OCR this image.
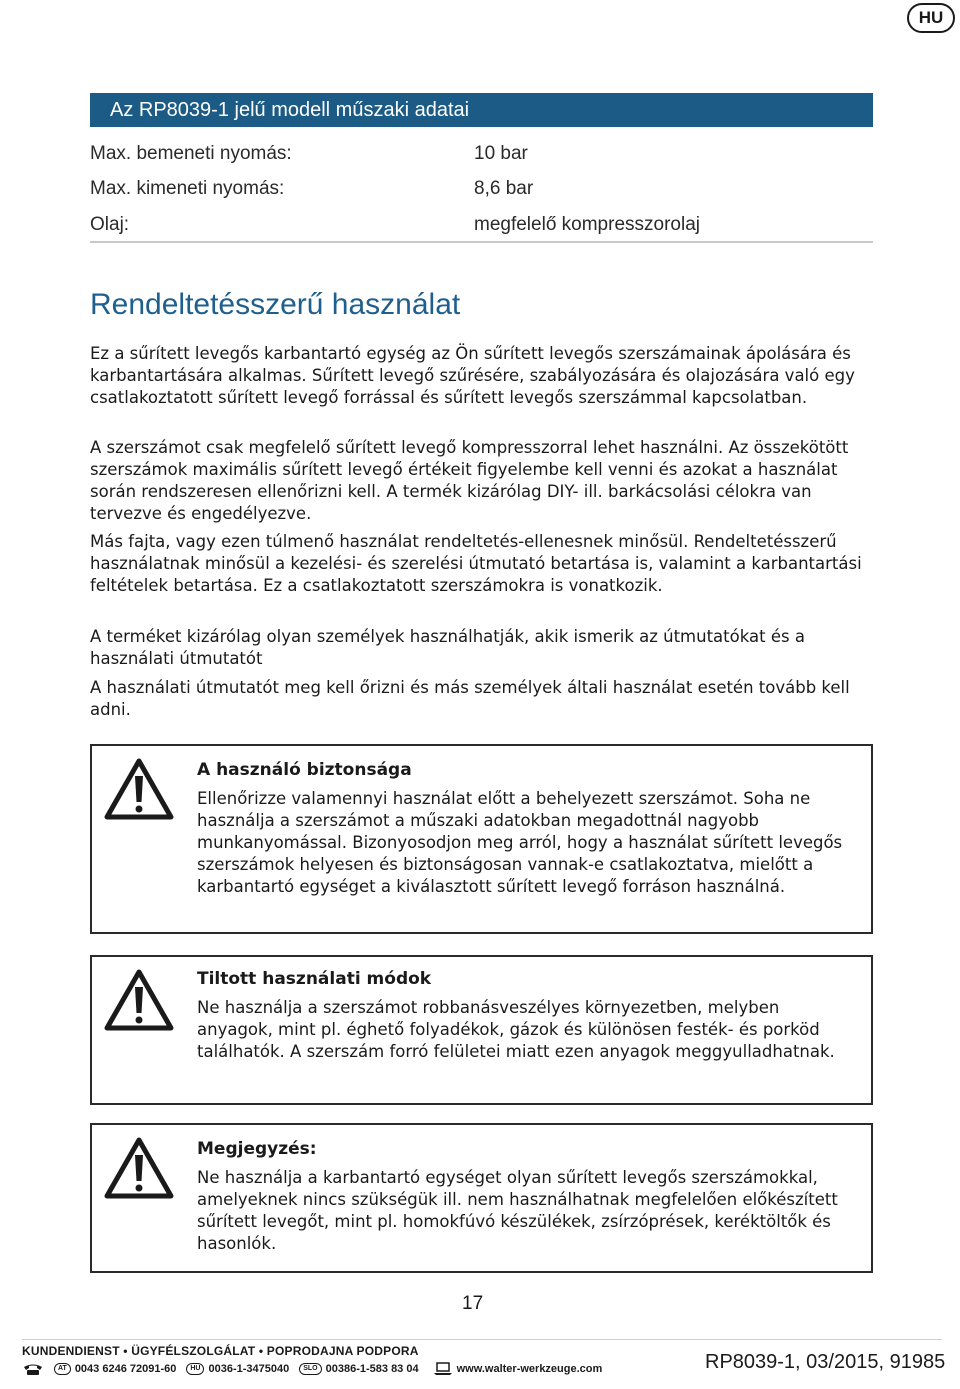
HU
Az RP8039-1 jelű modell műszaki adatai
Max. bemeneti nyomás:	10 bar
Max. kimeneti nyomás:	8,6 bar
Olaj:	megfelelő kompresszorolaj
Rendeltetésszerű használat

Ez a sűrített levegős karbantartó egység az Ön sűrített levegős szerszámainak ápolására és karbantartására alkalmas. Sűrített levegő szűrésére, szabályozására és olajozására való egy csatlakoztatott sűrített levegő forrással és sűrített levegős szerszámmal kapcsolatban.

A szerszámot csak megfelelő sűrített levegő kompresszorral lehet használni. Az összekötött szerszámok maximális sűrített levegő értékeit figyelembe kell venni és azokat a használat során rendszeresen ellenőrizni kell. A termék kizárólag DIY- ill. barkácsolási célokra van tervezve és engedélyezve.

Más fajta, vagy ezen túlmenő használat rendeltetés-ellenesnek minősül. Rendeltetésszerű használatnak minősül a kezelési- és szerelési útmutató betartása is, valamint a karbantartási feltételek betartása. Ez a csatlakoztatott szerszámokra is vonatkozik.

A terméket kizárólag olyan személyek használhatják, akik ismerik az útmutatókat és a használati útmutatót

A használati útmutatót meg kell őrizni és más személyek általi használat esetén tovább kell adni.

A használó biztonsága
Ellenőrizze valamennyi használat előtt a behelyezett szerszámot. Soha ne használja a szerszámot a műszaki adatokban megadottnál nagyobb munkanyomással. Bizonyosodjon meg arról, hogy a használat sűrített levegős szerszámok helyesen és biztonságosan vannak-e csatlakoztatva, mielőtt a karbantartó egységet a kiválasztott sűrített levegő forráson használná.
Tiltott használati módok
Ne használja a szerszámot robbanásveszélyes környezetben, melyben anyagok, mint pl. éghető folyadékok, gázok és különösen festék- és porköd találhatók. A szerszám forró felületei miatt ezen anyagok meggyulladhatnak.
Megjegyzés:
Ne használja a karbantartó egységet olyan sűrített levegős szerszámokkal, amelyeknek nincs szükségük ill. nem használhatnak megfelelően előkészített sűrített levegőt, mint pl. homokfúvó készülékek, zsírzóprések, keréktöltők és hasonlók.
17
KUNDENDIENST • ÜGYFÉLSZOLGÁLAT • POPRODAJNA PODPORA
AT 0043 6246 72091-60	HU 0036-1-3475040	SLO 00386-1-583 83 04	www.walter-werkzeuge.com	RP8039-1, 03/2015, 91985
